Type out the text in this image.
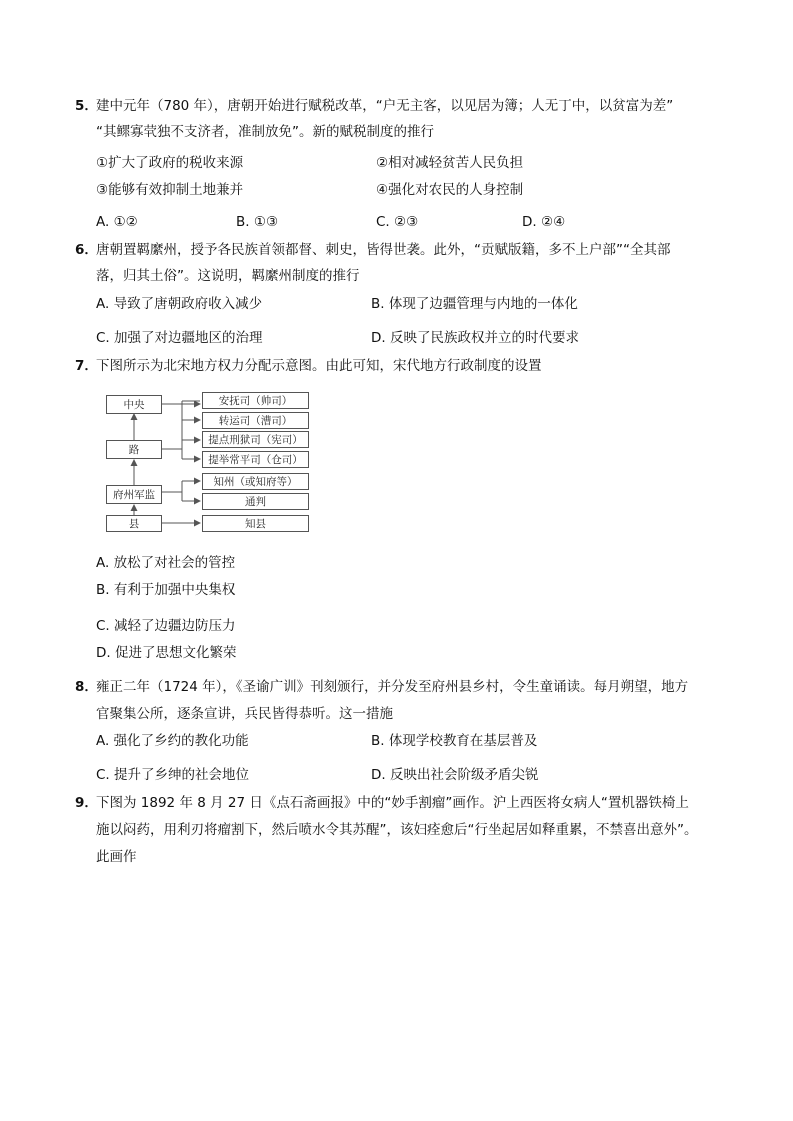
5．
建中元年（780 年），唐朝开始进行赋税改革，“户无主客，以见居为簿；人无丁中，以贫富为差”
“其鳏寡茕独不支济者，准制放免”。新的赋税制度的推行
①扩大了政府的税收来源	②相对减轻贫苦人民负担
③能够有效抑制土地兼并	④强化对农民的人身控制
A. ①②	B. ①③	C. ②③	D. ②④
6．
唐朝置羁縻州，授予各民族首领都督、刺史，皆得世袭。此外，“贡赋版籍，多不上户部”“全其部
落，归其土俗”。这说明，羁縻州制度的推行
A. 导致了唐朝政府收入减少	B. 体现了边疆管理与内地的一体化
C. 加强了对边疆地区的治理	D. 反映了民族政权并立的时代要求
7．
下图所示为北宋地方权力分配示意图。由此可知，宋代地方行政制度的设置
中央
路
府州军监
县
安抚司（帅司）
转运司（漕司）
提点刑狱司（宪司）
提举常平司（仓司）
知州（或知府等）
通判
知县
A. 放松了对社会的管控
B. 有利于加强中央集权
C. 减轻了边疆边防压力
D. 促进了思想文化繁荣
8．
雍正二年（1724 年），《圣谕广训》刊刻颁行，并分发至府州县乡村，令生童诵读。每月朔望，地方
官聚集公所，逐条宣讲，兵民皆得恭听。这一措施
A. 强化了乡约的教化功能	B. 体现学校教育在基层普及
C. 提升了乡绅的社会地位	D. 反映出社会阶级矛盾尖锐
9．
下图为 1892 年 8 月 27 日《点石斋画报》中的“妙手割瘤”画作。沪上西医将女病人“置机器铁椅上
施以闷药，用利刃将瘤割下，然后喷水令其苏醒”，该妇痊愈后“行坐起居如释重累，不禁喜出意外”。
此画作
